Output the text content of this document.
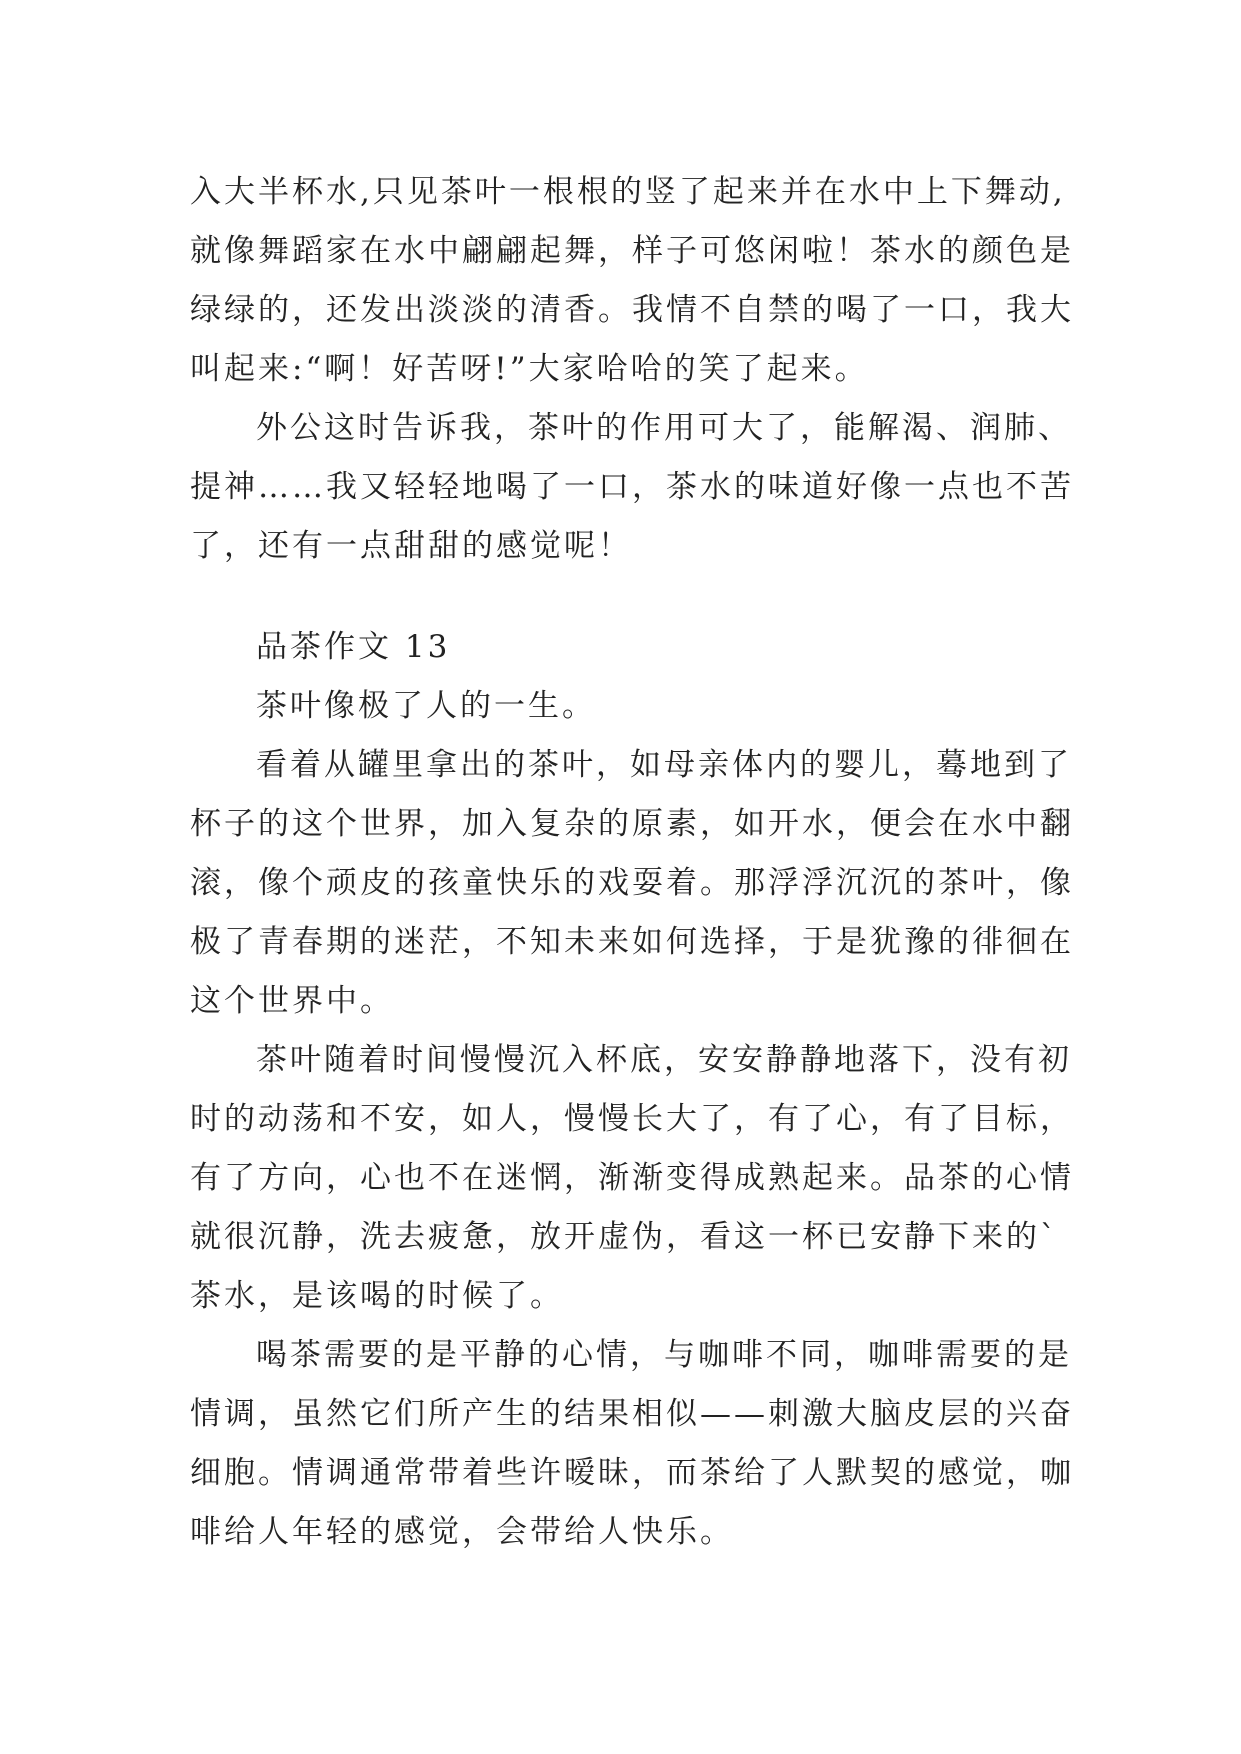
入大半杯水,只见茶叶一根根的竖了起来并在水中上下舞动,
就像舞蹈家在水中翩翩起舞，样子可悠闲啦！茶水的颜色是
绿绿的，还发出淡淡的清香。我情不自禁的喝了一口，我大
叫起来:“啊！好苦呀!”大家哈哈的笑了起来。
外公这时告诉我，茶叶的作用可大了，能解渴、润肺、
提神……我又轻轻地喝了一口，茶水的味道好像一点也不苦
了，还有一点甜甜的感觉呢！
品茶作文 13
茶叶像极了人的一生。
看着从罐里拿出的茶叶，如母亲体内的婴儿，蓦地到了
杯子的这个世界，加入复杂的原素，如开水，便会在水中翻
滚，像个顽皮的孩童快乐的戏耍着。那浮浮沉沉的茶叶，像
极了青春期的迷茫，不知未来如何选择，于是犹豫的徘徊在
这个世界中。
茶叶随着时间慢慢沉入杯底，安安静静地落下，没有初
时的动荡和不安，如人，慢慢长大了，有了心，有了目标，
有了方向，心也不在迷惘，渐渐变得成熟起来。品茶的心情
就很沉静，洗去疲惫，放开虚伪，看这一杯已安静下来的`
茶水，是该喝的时候了。
喝茶需要的是平静的心情，与咖啡不同，咖啡需要的是
情调，虽然它们所产生的结果相似——刺激大脑皮层的兴奋
细胞。情调通常带着些许暧昧，而茶给了人默契的感觉，咖
啡给人年轻的感觉，会带给人快乐。
